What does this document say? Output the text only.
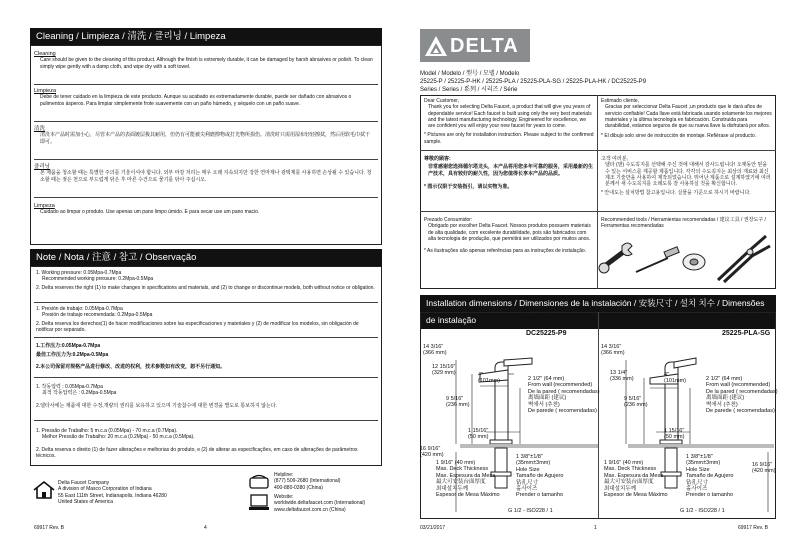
Cleaning / Limpieza / 清洗 / 클리닝 / Limpeza
Cleaning
Care should be given to the cleaning of this product. Although the finish is extremely durable, it can be damaged by harsh abrasives or polish. To clean simply wipe gently with a damp cloth, and wipe dry with a soft towel.
Limpieza
Debe de tener cuidado en la limpieza de este producto. Aunque su acabado es extremadamente durable, puede ser dañado con abrasivos o pulimentos ásperos. Para limpiar simplemente frote suavemente con un paño húmedo, y séquelo con un paño suave.
清洗
清洗本产品时需加小心，尽管本产品的表面镀层极其耐用，但仍有可能被尖利磨擦物或打光物所损伤。清洗时只需用湿布轻轻擦拭，然后用软毛巾拭干即可。
클리닝
본 제품을 청소할 때는 특별한 주의를 기울이셔야 합니다. 외부 마감 처리는 매우 오래 지속되지만 강한 연마제나 광택제를 사용하면 손상될 수 있습니다. 청소할 때는 젖은 천으로 부드럽게 닦은 후 마른 수건으로 물기를 닦아 주십시오.
Limpeza
Cuidado ao limpar o produto. Use apenas um pano limpo úmido. E para secar use um pano macio.
Note / Nota / 注意 / 참고 / Observação
1. Working pressure: 0.05Mpa-0.7Mpa
Recommended working pressure: 0.2Mpa-0.5Mpa
2. Delta reserves the right (1) to make changes in specifications and materials, and (2) to change or discontinue models, both without notice or obligation.
1. Presión de trabajo: 0.05Mpa-0.7Mpa
Presión de trabajo recomendada: 0.2Mpa-0.5Mpa
2. Delta reserva los derechos(1) de hacer modificaciones sobre las especificaciones y materiales y (2) de modificar los modelos, sin obligación de notificar por separado.
1.工作压力:0.05Mpa-0.7Mpa
最佳工作压力为:0.2Mpa-0.5Mpa
2.本公司保留对规格产品进行修改、改进的权利，技术参数如有改变，恕不另行通知。
1. 작동압력 : 0.05Mpa-0.7Mpa
최적 작동압력은 : 0.2Mpa-0.5Mpa
2.델타사에는 제품에 대한 수정,개량의 권리를 보유하고 있으며 기술참수에 대한 변경을 별도로 통보하지 않는다.
1. Pressão de Trabalho: 5 m.c.a (0.05Mpa) - 70 m.c.a (0.7Mpa).
Melhor Pressão de Trabalho: 20 m.c.a (0.2Mpa) - 50 m.c.a (0.5Mpa).
2. Delta reserva o direito (1) de fazer alterações e melhorias do produto, e (2) de alterar as especificações, em caso de alterações de parâmetros técnicos.
Delta Faucet Company
A division of Masco Corporation of Indiana
55 East 111th Street, Indianapolis, Indiana 46280
United States of America
Helpline:
(877) 509-2680 (International)
400-880-0380 (China)
Website:
worldwide.deltafaucet.com (International)
www.deltafaucet.com.cn (China)
69917 Rev. B	4
DELTA
Model / Modelo / 型号 / 모델 / Modelo
25225-P / 25225-P-HK / 25225-PLA / 25225-PLA-SG / 25225-PLA-HK / DC25225-P9
Series / Series / 系列 / 시리즈 / Série
Dear Customer,
Thank you for selecting Delta Faucet, a product that will give you years of dependable service! Each faucet is built using only the very best materials and the latest manufacturing technology. Engineered for excellence, we are confident you will enjoy your new faucet for years to come.
* Pictures are only for installation instruction. Please subject to the confirmed sample.
Estimado cliente,
Gracias por seleccionar Delta Faucet ,un producto que le dará años de servicio confiable! Cada llave está fabricada usando solamente los mejores materiales y la última tecnología en fabricación. Construida para durabilidad, estamos seguros de que su nueva llave la disfrutará por años.
* El dibujo solo sirve de instrucción de montaje. Refiérase al producto.
尊敬的顾客:
非常感谢您选择德尔塔龙头，本产品将用您多年可靠的服务，采用最新的生产技术，具有较好的耐久性，因为您值得长享本产品的品质。
* 图示仅限于安装指引，请以实物为准。
고객 여러분,
델타 (덴) 수도꼭지를 선택해 주신 것에 대해서 감사드립니다! 오랫동안 믿을 수 있는 서비스를 제공할 제품입니다. 각각의 수도꼭지는 최상의 재료와 최신 제조 기술만을 사용하여 제작되었습니다. 뛰어난 제품으로 설계하였기에 여러분께서 새 수도꼭지를 오래도록 잘 사용하실 것을 확신합니다.
* 안내도는 설치방법 참고용입니다. 실물을 기준으로 하시기 바랍니다.
Prezado Consumidor:
Obrigado por escolher Delta Faucet. Nossos produtos possuem materiais de alta qualidade, com excelente durabilidade, pois são fabricados com alta tecnologia de produção, que permitirá ser utilizados por muitos anos.
* As ilustrações são apenas referências para as instruções de instalação.
Recommended tools / Herramientas recomendadas / 建议工具 / 권장도구 / Ferramentas recomendadas
Installation dimensions / Dimensiones de la instalación / 安装尺寸 / 설치 치수 / Dimensões de instalação	25225-P
25225-P-HK
DC25225-P9
14 3/16"
(366 mm)
12 15/16"
(329 mm)	4"
(101mm)
9 5/16"
(236 mm)
2 1/2" (64 mm)
From wall (recommended)
De la pared ( recomendadas)
离墙面距 (建议)
벽에서 (추천)
De parede ( recomendadas)
1 15/16"
(50 mm)
16 9/16"
(420 mm)
1 9/16" (40 mm)
Max. Deck Thickness
Max. Espesura da Mesa
最大可安装台面厚度
최대설치두께
Espesor de Mesa Máximo
1 3/8"±1/8"
(35mm±3mm)
Hole Size
Tamaño de Agujero
钻孔尺寸
홀사이즈
Prender o tamanho
G 1/2 - ISO228 / 1
25225-PLA
25225-PLA-HK
25225-PLA-SG
14 3/16"
(366 mm)
13 1/4"
(336 mm)
4"
(101mm)
9 5/16"
(236 mm)
2 1/2" (64 mm)
From wall (recommended)
De la pared ( recomendadas)
离墙面距 (建议)
벽에서 (추천)
De parede ( recomendadas)
1 15/16"
(50 mm)
16 9/16"
(420 mm)
1 9/16" (40 mm)
Max. Deck Thickness
Max. Espesura da Mesa
最大可安装台面厚度
최대설치두께
Espesor de Mesa Máximo
1 3/8"±1/8"
(35mm±3mm)
Hole Size
Tamaño de Agujero
钻孔尺寸
홀사이즈
Prender o tamanho
G 1/2 - ISO228 / 1
03/21/2017	1	69917 Rev. B
